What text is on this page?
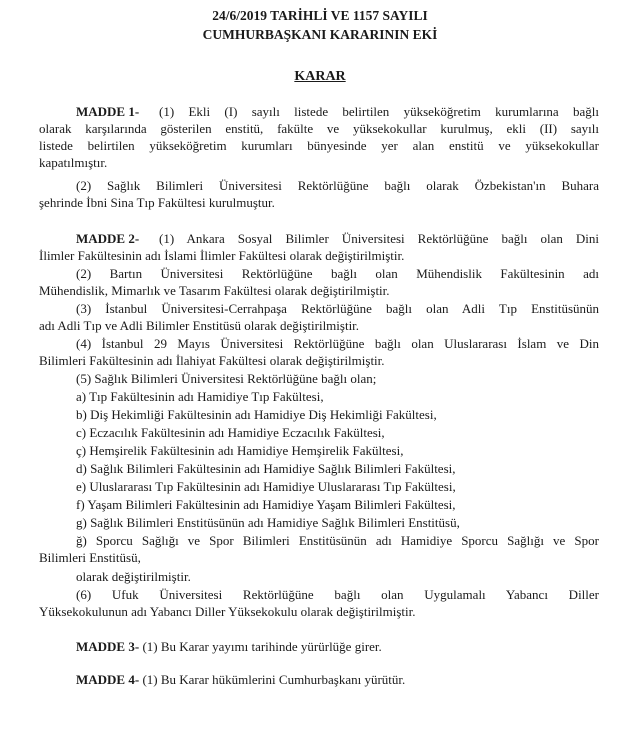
24/6/2019 TARİHLİ VE 1157 SAYILI
CUMHURBAŞKANI KARARININ EKİ
KARAR
MADDE 1- (1) Ekli (I) sayılı listede belirtilen yükseköğretim kurumlarına bağlı
olarak karşılarında gösterilen enstitü, fakülte ve yüksekokullar kurulmuş, ekli (II) sayılı
listede belirtilen yükseköğretim kurumları bünyesinde yer alan enstitü ve yüksekokullar
kapatılmıştır.
(2) Sağlık Bilimleri Üniversitesi Rektörlüğüne bağlı olarak Özbekistan'ın Buhara
şehrinde İbni Sina Tıp Fakültesi kurulmuştur.
MADDE 2- (1) Ankara Sosyal Bilimler Üniversitesi Rektörlüğüne bağlı olan Dini
İlimler Fakültesinin adı İslami İlimler Fakültesi olarak değiştirilmiştir.
(2) Bartın Üniversitesi Rektörlüğüne bağlı olan Mühendislik Fakültesinin adı
Mühendislik, Mimarlık ve Tasarım Fakültesi olarak değiştirilmiştir.
(3) İstanbul Üniversitesi-Cerrahpaşa Rektörlüğüne bağlı olan Adli Tıp Enstitüsünün
adı Adli Tıp ve Adli Bilimler Enstitüsü olarak değiştirilmiştir.
(4) İstanbul 29 Mayıs Üniversitesi Rektörlüğüne bağlı olan Uluslararası İslam ve Din
Bilimleri Fakültesinin adı İlahiyat Fakültesi olarak değiştirilmiştir.
(5) Sağlık Bilimleri Üniversitesi Rektörlüğüne bağlı olan;
a) Tıp Fakültesinin adı Hamidiye Tıp Fakültesi,
b) Diş Hekimliği Fakültesinin adı Hamidiye Diş Hekimliği Fakültesi,
c) Eczacılık Fakültesinin adı Hamidiye Eczacılık Fakültesi,
ç) Hemşirelik Fakültesinin adı Hamidiye Hemşirelik Fakültesi,
d) Sağlık Bilimleri Fakültesinin adı Hamidiye Sağlık Bilimleri Fakültesi,
e) Uluslararası Tıp Fakültesinin adı Hamidiye Uluslararası Tıp Fakültesi,
f) Yaşam Bilimleri Fakültesinin adı Hamidiye Yaşam Bilimleri Fakültesi,
g) Sağlık Bilimleri Enstitüsünün adı Hamidiye Sağlık Bilimleri Enstitüsü,
ğ) Sporcu Sağlığı ve Spor Bilimleri Enstitüsünün adı Hamidiye Sporcu Sağlığı ve Spor
Bilimleri Enstitüsü,
olarak değiştirilmiştir.
(6) Ufuk Üniversitesi Rektörlüğüne bağlı olan Uygulamalı Yabancı Diller
Yüksekokulunun adı Yabancı Diller Yüksekokulu olarak değiştirilmiştir.
MADDE 3- (1) Bu Karar yayımı tarihinde yürürlüğe girer.
MADDE 4- (1) Bu Karar hükümlerini Cumhurbaşkanı yürütür.
